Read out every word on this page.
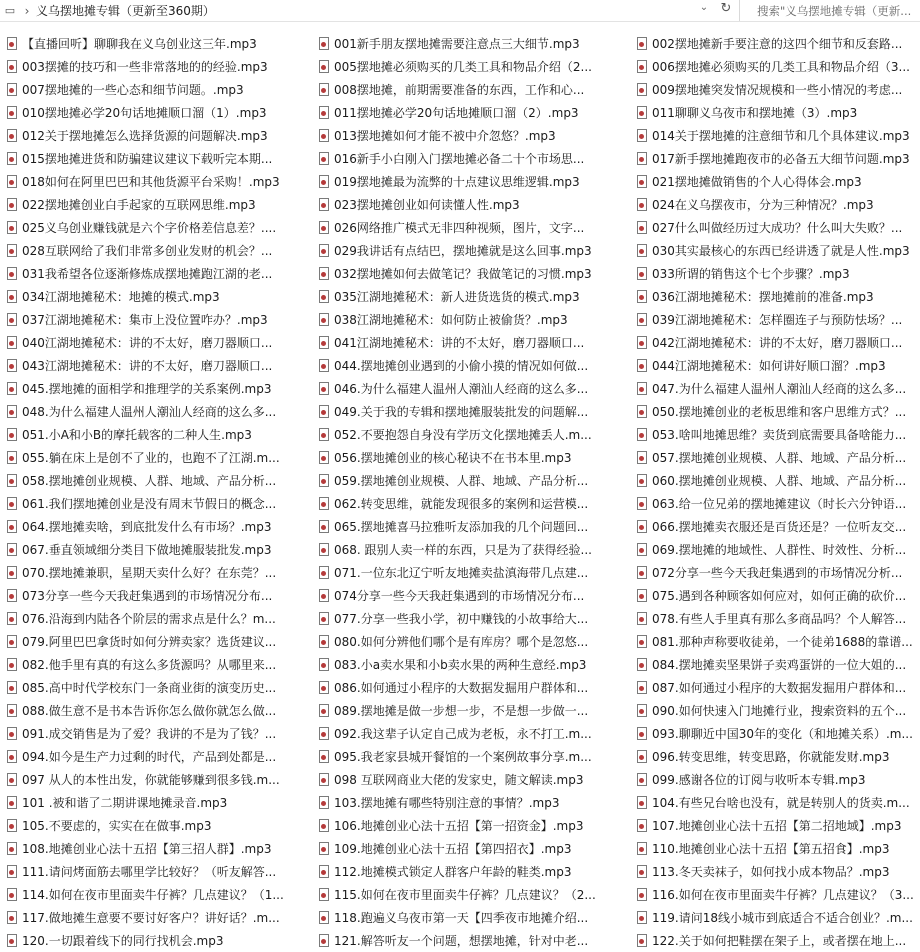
▭ › 义乌摆地摊专辑（更新至360期）	⌄ ↻
搜索"义乌摆地摊专辑（更新...
【直播回听】聊聊我在义乌创业这三年.mp3	001新手朋友摆地摊需要注意点三大细节.mp3	002摆地摊新手要注意的这四个细节和反套路...
003摆摊的技巧和一些非常落地的的经验.mp3	005摆地摊必须购买的几类工具和物品介绍（2...	006摆地摊必须购买的几类工具和物品介绍（3...
007摆地摊的一些心态和细节问题。.mp3	008摆地摊，前期需要准备的东西，工作和心...	009摆地摊突发情况规模和一些小情况的考虑...
010摆地摊必学20句话地摊顺口溜（1）.mp3	011摆地摊必学20句话地摊顺口溜（2）.mp3	011聊聊义乌夜市和摆地摊（3）.mp3
012关于摆地摊怎么选择货源的问题解决.mp3	013摆地摊如何才能不被中介忽悠？.mp3	014关于摆地摊的注意细节和几个具体建议.mp3
015摆地摊进货和防骗建议建议下载听完本期...	016新手小白刚入门摆地摊必备二十个市场思...	017新手摆地摊跑夜市的必备五大细节问题.mp3
018如何在阿里巴巴和其他货源平台采购！.mp3	019摆地摊最为流弊的十点建议思维逻辑.mp3	021摆地摊做销售的个人心得体会.mp3
022摆地摊创业白手起家的互联网思维.mp3	023摆地摊创业如何读懂人性.mp3	024在义乌摆夜市，分为三种情况？.mp3
025义乌创业赚钱就是六个字价格差信息差？....	026网络推广模式无非四种视频，图片，文字...	027什么叫做经历过大成功？什么叫大失败？...
028互联网给了我们非常多创业发财的机会？...	029我讲话有点结巴，摆地摊就是这么回事.mp3	030其实最核心的东西已经讲透了就是人性.mp3
031我希望各位逐渐修炼成摆地摊跑江湖的老...	032摆地摊如何去做笔记？我做笔记的习惯.mp3	033所谓的销售这个七个步骤？.mp3
034江湖地摊秘术：地摊的模式.mp3	035江湖地摊秘术：新人进货选货的模式.mp3	036江湖地摊秘术：摆地摊前的准备.mp3
037江湖地摊秘术：集市上没位置咋办？.mp3	038江湖地摊秘术：如何防止被偷货？.mp3	039江湖地摊秘术：怎样圈连子与预防怯场？...
040江湖地摊秘术：讲的不太好，磨刀器顺口...	041江湖地摊秘术：讲的不太好，磨刀器顺口...	042江湖地摊秘术：讲的不太好，磨刀器顺口...
043江湖地摊秘术：讲的不太好，磨刀器顺口...	044.摆地摊创业遇到的小偷小摸的情况如何做...	044江湖地摊秘术：如何讲好顺口溜？.mp3
045.摆地摊的面相学和推理学的关系案例.mp3	046.为什么福建人温州人潮汕人经商的这么多...	047.为什么福建人温州人潮汕人经商的这么多...
048.为什么福建人温州人潮汕人经商的这么多...	049.关于我的专辑和摆地摊服装批发的问题解...	050.摆地摊创业的老板思维和客户思维方式？...
051.小A和小B的摩托载客的二种人生.mp3	052.不要抱怨自身没有学历文化摆地摊丢人.m...	053.啥叫地摊思维？卖货到底需要具备啥能力...
055.躺在床上是创不了业的，也跑不了江湖.m...	056.摆地摊创业的核心秘诀不在书本里.mp3	057.摆地摊创业规模、人群、地域、产品分析...
058.摆地摊创业规模、人群、地域、产品分析...	059.摆地摊创业规模、人群、地域、产品分析...	060.摆地摊创业规模、人群、地域、产品分析...
061.我们摆地摊创业是没有周末节假日的概念...	062.转变思维，就能发现很多的案例和运营模...	063.给一位兄弟的摆地摊建议（时长六分钟语...
064.摆地摊卖啥，到底批发什么有市场？.mp3	065.摆地摊喜马拉雅听友添加我的几个问题回...	066.摆地摊卖衣服还是百货还是？一位听友交...
067.垂直领域细分类目下做地摊服装批发.mp3	068. 跟别人卖一样的东西，只是为了获得经验...	069.摆地摊的地域性、人群性、时效性、分析...
070.摆地摊兼职，星期天卖什么好？在东莞？...	071.一位东北辽宁听友地摊卖盐滇海带几点建...	072分享一些今天我赶集遇到的市场情况分析...
073分享一些今天我赶集遇到的市场情况分布...	074分享一些今天我赶集遇到的市场情况分布...	075.遇到各种顾客如何应对，如何正确的砍价...
076.沿海到内陆各个阶层的需求点是什么？m...	077.分享一些我小学，初中赚钱的小故事给大...	078.有些人手里真有那么多商品吗？个人解答...
079.阿里巴巴拿货时如何分辨卖家？选货建议...	080.如何分辨他们哪个是有库房？哪个是忽悠...	081.那种声称要收徒弟，一个徒弟1688的靠谱...
082.他手里有真的有这么多货源吗？从哪里来...	083.小a卖水果和小b卖水果的两种生意经.mp3	084.摆地摊卖坚果饼子卖鸡蛋饼的一位大姐的...
085.高中时代学校东门一条商业街的演变历史...	086.如何通过小程序的大数据发掘用户群体和...	087.如何通过小程序的大数据发掘用户群体和...
088.做生意不是书本告诉你怎么做你就怎么做...	089.摆地摊是做一步想一步，不是想一步做一...	090.如何快速入门地摊行业，搜索资料的五个...
091.成交销售是为了爱？我讲的不是为了钱？...	092.我这辈子认定自己成为老板，永不打工.m...	093.聊聊近中国30年的变化（和地摊关系）.m...
094.如今是生产力过剩的时代，产品到处都是...	095.我老家县城开餐馆的一个案例故事分享.m...	096.转变思维，转变思路，你就能发财.mp3
097 从人的本性出发，你就能够赚到很多钱.m...	098 互联网商业大佬的发家史，随文解读.mp3	099.感谢各位的订阅与收听本专辑.mp3
101 .被和谐了二期讲课地摊录音.mp3	103.摆地摊有哪些特别注意的事情？.mp3	104.有些兄台啥也没有，就是转别人的货卖.m...
105.不要虑的，实实在在做事.mp3	106.地摊创业心法十五招【第一招资金】.mp3	107.地摊创业心法十五招【第二招地域】.mp3
108.地摊创业心法十五招【第三招人群】.mp3	109.地摊创业心法十五招【第四招衣】.mp3	110.地摊创业心法十五招【第五招食】.mp3
111.请问烤面筋去哪里学比较好？（听友解答...	112.地摊模式锁定人群客户年龄的鞋类.mp3	113.冬天卖袜子，如何找小成本物品？.mp3
114.如何在夜市里面卖牛仔裤？几点建议？（1...	115.如何在夜市里面卖牛仔裤？几点建议？（2...	116.如何在夜市里面卖牛仔裤？几点建议？（3...
117.做地摊生意要不要讨好客户？讲好话？.m...	118.跑遍义乌夜市第一天【四季夜市地摊介绍...	119.请问18线小城市到底适合不适合创业？.m...
120.一切跟着线下的同行找机会.mp3	121.解答听友一个问题，想摆地摊，针对中老...	122.关于如何把鞋摆在架子上，或者摆在地上...
